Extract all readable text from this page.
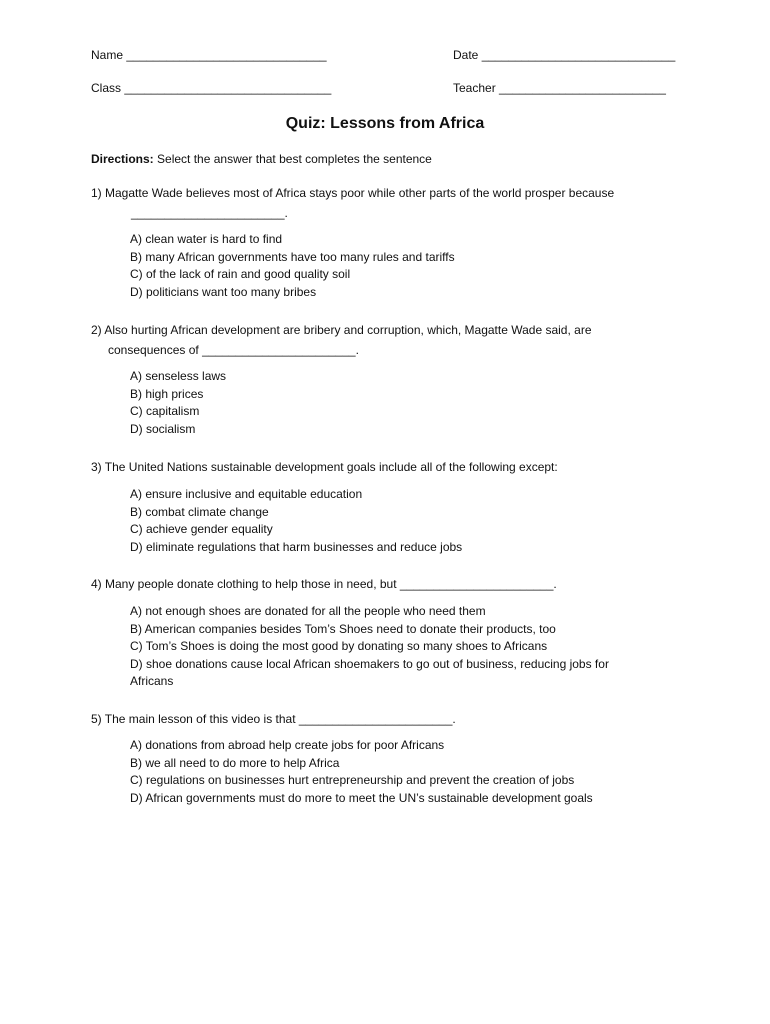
Name ______________________________	Date _____________________________
Class _______________________________	Teacher _________________________
Quiz: Lessons from Africa
Directions: Select the answer that best completes the sentence
1) Magatte Wade believes most of Africa stays poor while other parts of the world prosper because
_______________________.
A) clean water is hard to find
B) many African governments have too many rules and tariffs
C) of the lack of rain and good quality soil
D) politicians want too many bribes
2) Also hurting African development are bribery and corruption, which, Magatte Wade said, are
consequences of _______________________.
A) senseless laws
B) high prices
C) capitalism
D) socialism
3) The United Nations sustainable development goals include all of the following except:
A) ensure inclusive and equitable education
B) combat climate change
C) achieve gender equality
D) eliminate regulations that harm businesses and reduce jobs
4) Many people donate clothing to help those in need, but _______________________.
A) not enough shoes are donated for all the people who need them
B) American companies besides Tom’s Shoes need to donate their products, too
C) Tom’s Shoes is doing the most good by donating so many shoes to Africans
D) shoe donations cause local African shoemakers to go out of business, reducing jobs for Africans
5) The main lesson of this video is that _______________________.
A) donations from abroad help create jobs for poor Africans
B) we all need to do more to help Africa
C) regulations on businesses hurt entrepreneurship and prevent the creation of jobs
D) African governments must do more to meet the UN’s sustainable development goals
